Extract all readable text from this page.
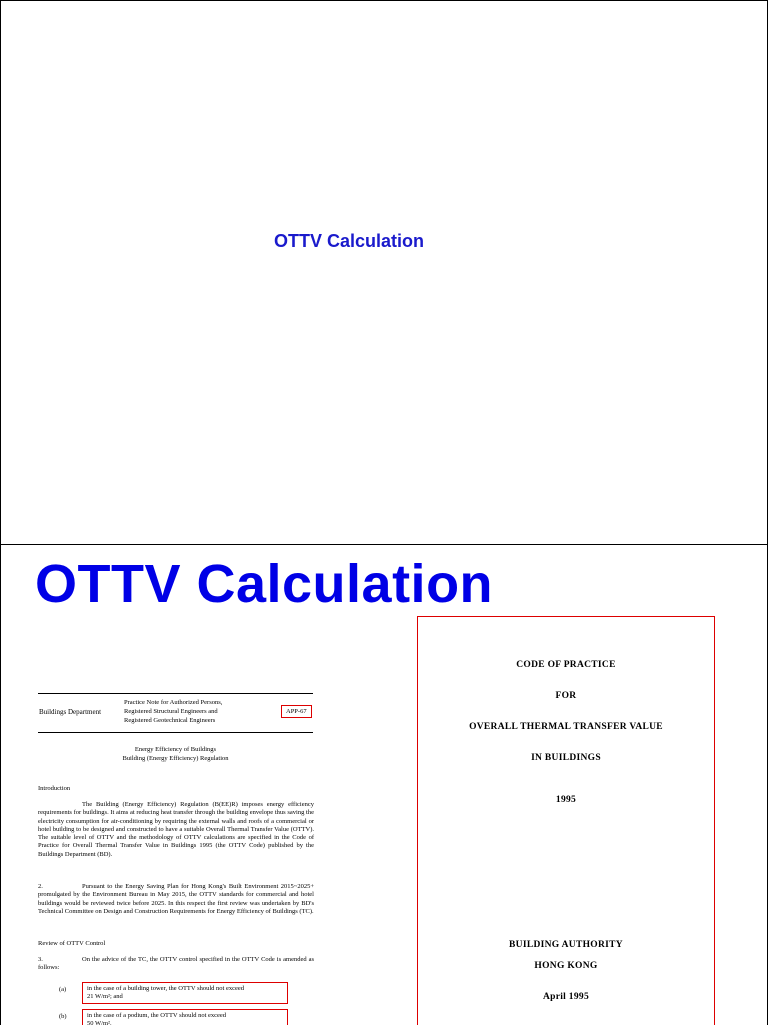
OTTV Calculation
OTTV Calculation
Buildings Department
Practice Note for Authorized Persons,
Registered Structural Engineers and
Registered Geotechnical Engineers
APP-67
Energy Efficiency of Buildings
Building (Energy Efficiency) Regulation
Introduction

The Building (Energy Efficiency) Regulation (B(EE)R) imposes energy efficiency requirements for buildings. It aims at reducing heat transfer through the building envelope thus saving the electricity consumption for air-conditioning by requiring the external walls and roofs of a commercial or hotel building to be designed and constructed to have a suitable Overall Thermal Transfer Value (OTTV). The suitable level of OTTV and the methodology of OTTV calculations are specified in the Code of Practice for Overall Thermal Transfer Value in Buildings 1995 (the OTTV Code) published by the Buildings Department (BD).

2.	Pursuant to the Energy Saving Plan for Hong Kong's Built Environment 2015~2025+ promulgated by the Environment Bureau in May 2015, the OTTV standards for commercial and hotel buildings would be reviewed twice before 2025. In this respect the first review was undertaken by BD's Technical Committee on Design and Construction Requirements for Energy Efficiency of Buildings (TC).

Review of OTTV Control
3.	On the advice of the TC, the OTTV control specified in the OTTV Code is amended as follows:

(a)	in the case of a building tower, the OTTV should not exceed
21 W/m²; and
(b)	in the case of a podium, the OTTV should not exceed
50 W/m².
CODE OF PRACTICE
FOR
OVERALL THERMAL TRANSFER VALUE
IN BUILDINGS
1995
BUILDING AUTHORITY
HONG KONG
April 1995
